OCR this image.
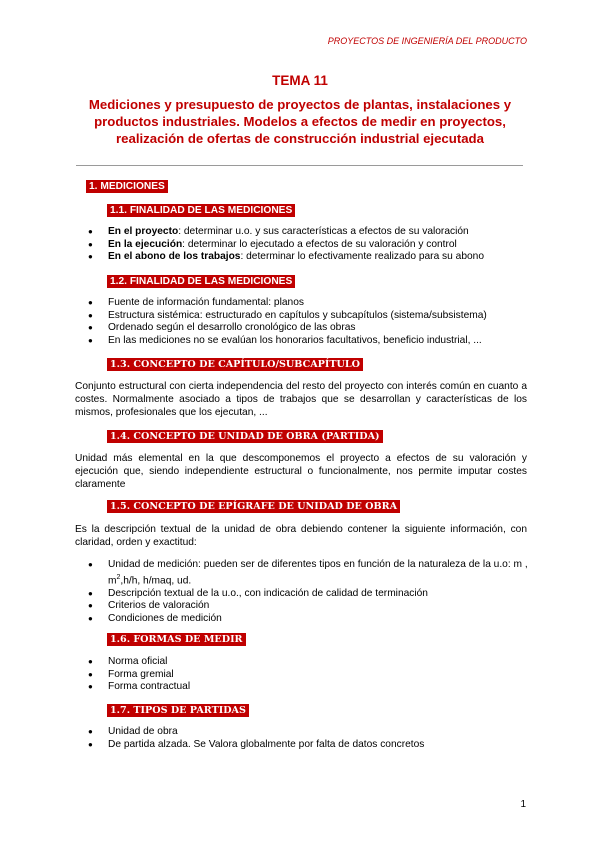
PROYECTOS DE INGENIERÍA DEL PRODUCTO
TEMA 11
Mediciones y presupuesto de proyectos de plantas, instalaciones y productos industriales. Modelos a efectos de medir en proyectos, realización de ofertas de construcción industrial ejecutada
1. MEDICIONES
1.1. FINALIDAD DE LAS MEDICIONES
● En el proyecto: determinar u.o. y sus características a efectos de su valoración
● En la ejecución: determinar lo ejecutado a efectos de su valoración y control
● En el abono de los trabajos: determinar lo efectivamente realizado para su abono
1.2. FINALIDAD DE LAS MEDICIONES
● Fuente de información fundamental: planos
● Estructura sistémica: estructurado en capítulos y subcapítulos (sistema/subsistema)
● Ordenado según el desarrollo cronológico de las obras
● En las mediciones no se evalúan los honorarios facultativos, beneficio industrial, ...
1.3. CONCEPTO DE CAPÍTULO/SUBCAPÍTULO

Conjunto estructural con cierta independencia del resto del proyecto con interés común en cuanto a costes. Normalmente asociado a tipos de trabajos que se desarrollan y características de los mismos, profesionales que los ejecutan, ...

1.4. CONCEPTO DE UNIDAD DE OBRA (PARTIDA)

Unidad más elemental en la que descomponemos el proyecto a efectos de su valoración y ejecución que, siendo independiente estructural o funcionalmente, nos permite imputar costes claramente

1.5. CONCEPTO DE EPÍGRAFE DE UNIDAD DE OBRA

Es la descripción textual de la unidad de obra debiendo contener la siguiente información, con claridad, orden y exactitud:

● Unidad de medición: pueden ser de diferentes tipos en función de la naturaleza de la u.o: m , $m^2,h/h$, h/maq, ud.
● Descripción textual de la u.o., con indicación de calidad de terminación
● Criterios de valoración
● Condiciones de medición
1.6. FORMAS DE MEDIR
● Norma oficial
● Forma gremial
● Forma contractual
1.7. TIPOS DE PARTIDAS
● Unidad de obra
● De partida alzada. Se Valora globalmente por falta de datos concretos
1
